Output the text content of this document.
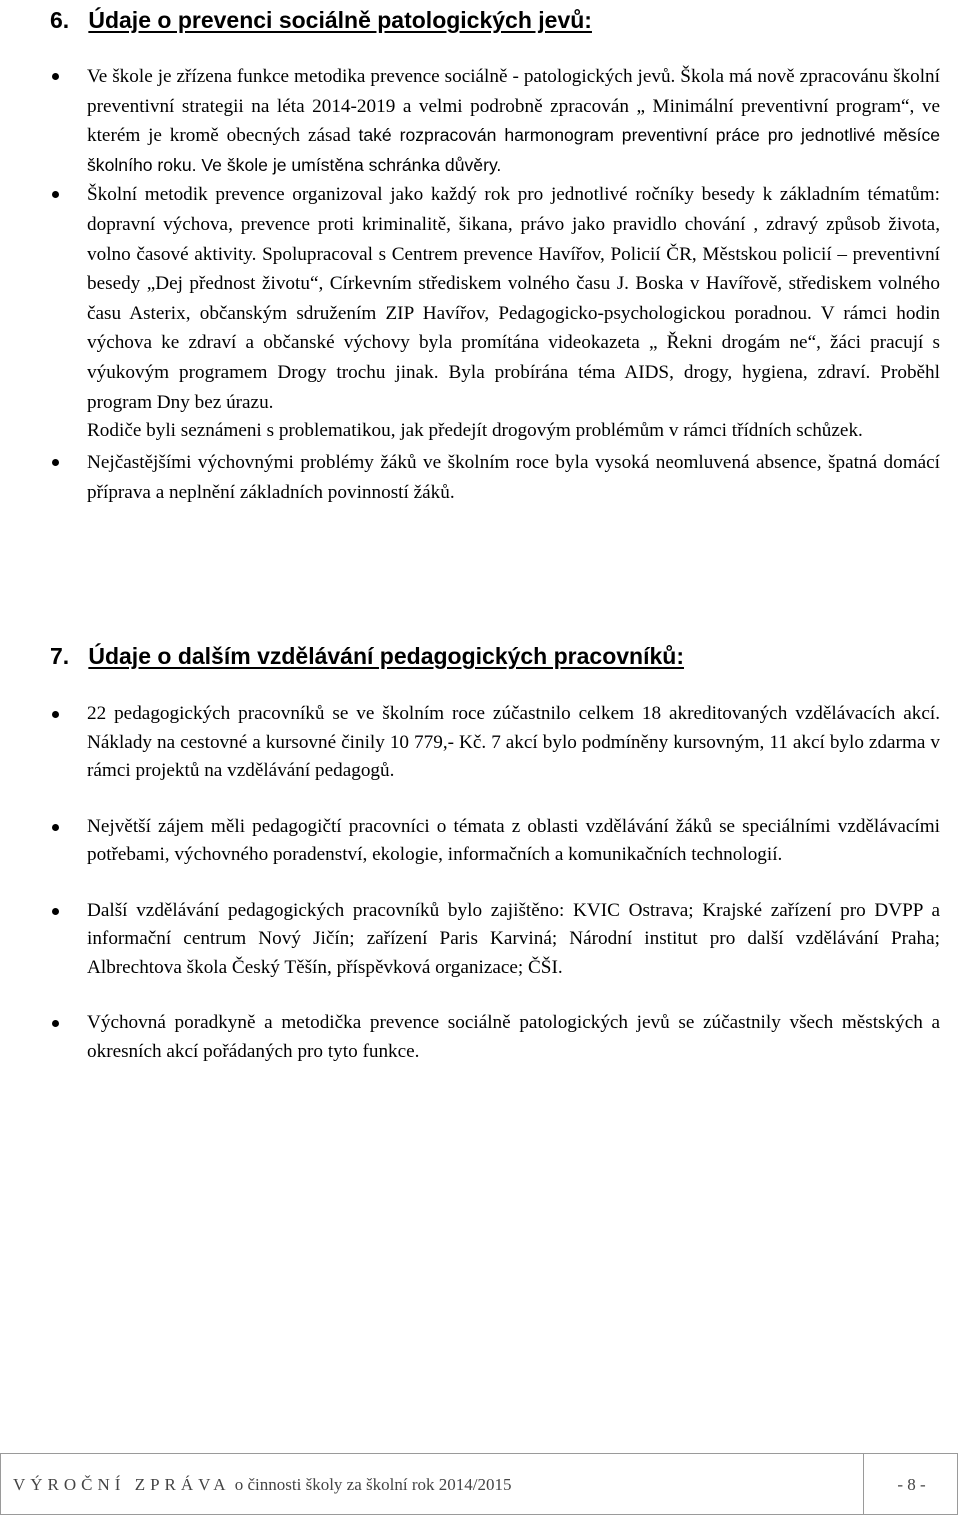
6. Údaje o prevenci sociálně patologických jevů:
Ve škole je zřízena funkce metodika prevence sociálně - patologických jevů. Škola má nově zpracovánu školní preventivní strategii na léta 2014-2019 a velmi podrobně zpracován „ Minimální preventivní program“, ve kterém je kromě obecných zásad také rozpracován harmonogram preventivní práce pro jednotlivé měsíce školního roku. Ve škole je umístěna schránka důvěry.
Školní metodik prevence organizoval jako každý rok pro jednotlivé ročníky besedy k základním tématům: dopravní výchova, prevence proti kriminalitě, šikana, právo jako pravidlo chování , zdravý způsob života, volno časové aktivity. Spolupracoval s Centrem prevence Havířov, Policií ČR, Městskou policií – preventivní besedy „Dej přednost životu“, Církevním střediskem volného času J. Boska v Havířově, střediskem volného času Asterix, občanským sdružením ZIP Havířov, Pedagogicko-psychologickou poradnou. V rámci hodin výchova ke zdraví a občanské výchovy byla promítána videokazeta „ Řekni drogám ne“, žáci pracují s výukovým programem Drogy trochu jinak. Byla probírána téma AIDS, drogy, hygiena, zdraví. Proběhl program Dny bez úrazu.
Rodiče byli seznámeni s problematikou, jak předejít drogovým problémům v rámci třídních schůzek.
Nejčastějšími výchovnými problémy žáků ve školním roce byla vysoká neomluvená absence, špatná domácí příprava a neplnění základních povinností žáků.
7. Údaje o dalším vzdělávání pedagogických pracovníků:
22 pedagogických pracovníků se ve školním roce zúčastnilo celkem 18 akreditovaných vzdělávacích akcí. Náklady na cestovné a kursovné činily 10 779,- Kč. 7 akcí bylo podmíněny kursovným, 11 akcí bylo zdarma v rámci projektů na vzdělávání pedagogů.
Největší zájem měli pedagogičtí pracovníci o témata z oblasti vzdělávání žáků se speciálními vzdělávacími potřebami, výchovného poradenství, ekologie, informačních a komunikačních technologií.
Další vzdělávání pedagogických pracovníků bylo zajištěno: KVIC Ostrava; Krajské zařízení pro DVPP a informační centrum Nový Jičín; zařízení Paris Karviná; Národní institut pro další vzdělávání Praha; Albrechtova škola Český Těšín, příspěvková organizace; ČŠI.
Výchovná poradkyně a metodička prevence sociálně patologických jevů se zúčastnily všech městských a okresních akcí pořádaných pro tyto funkce.
VÝROČNÍ ZPRÁVA o činnosti školy za školní rok 2014/2015	- 8 -
